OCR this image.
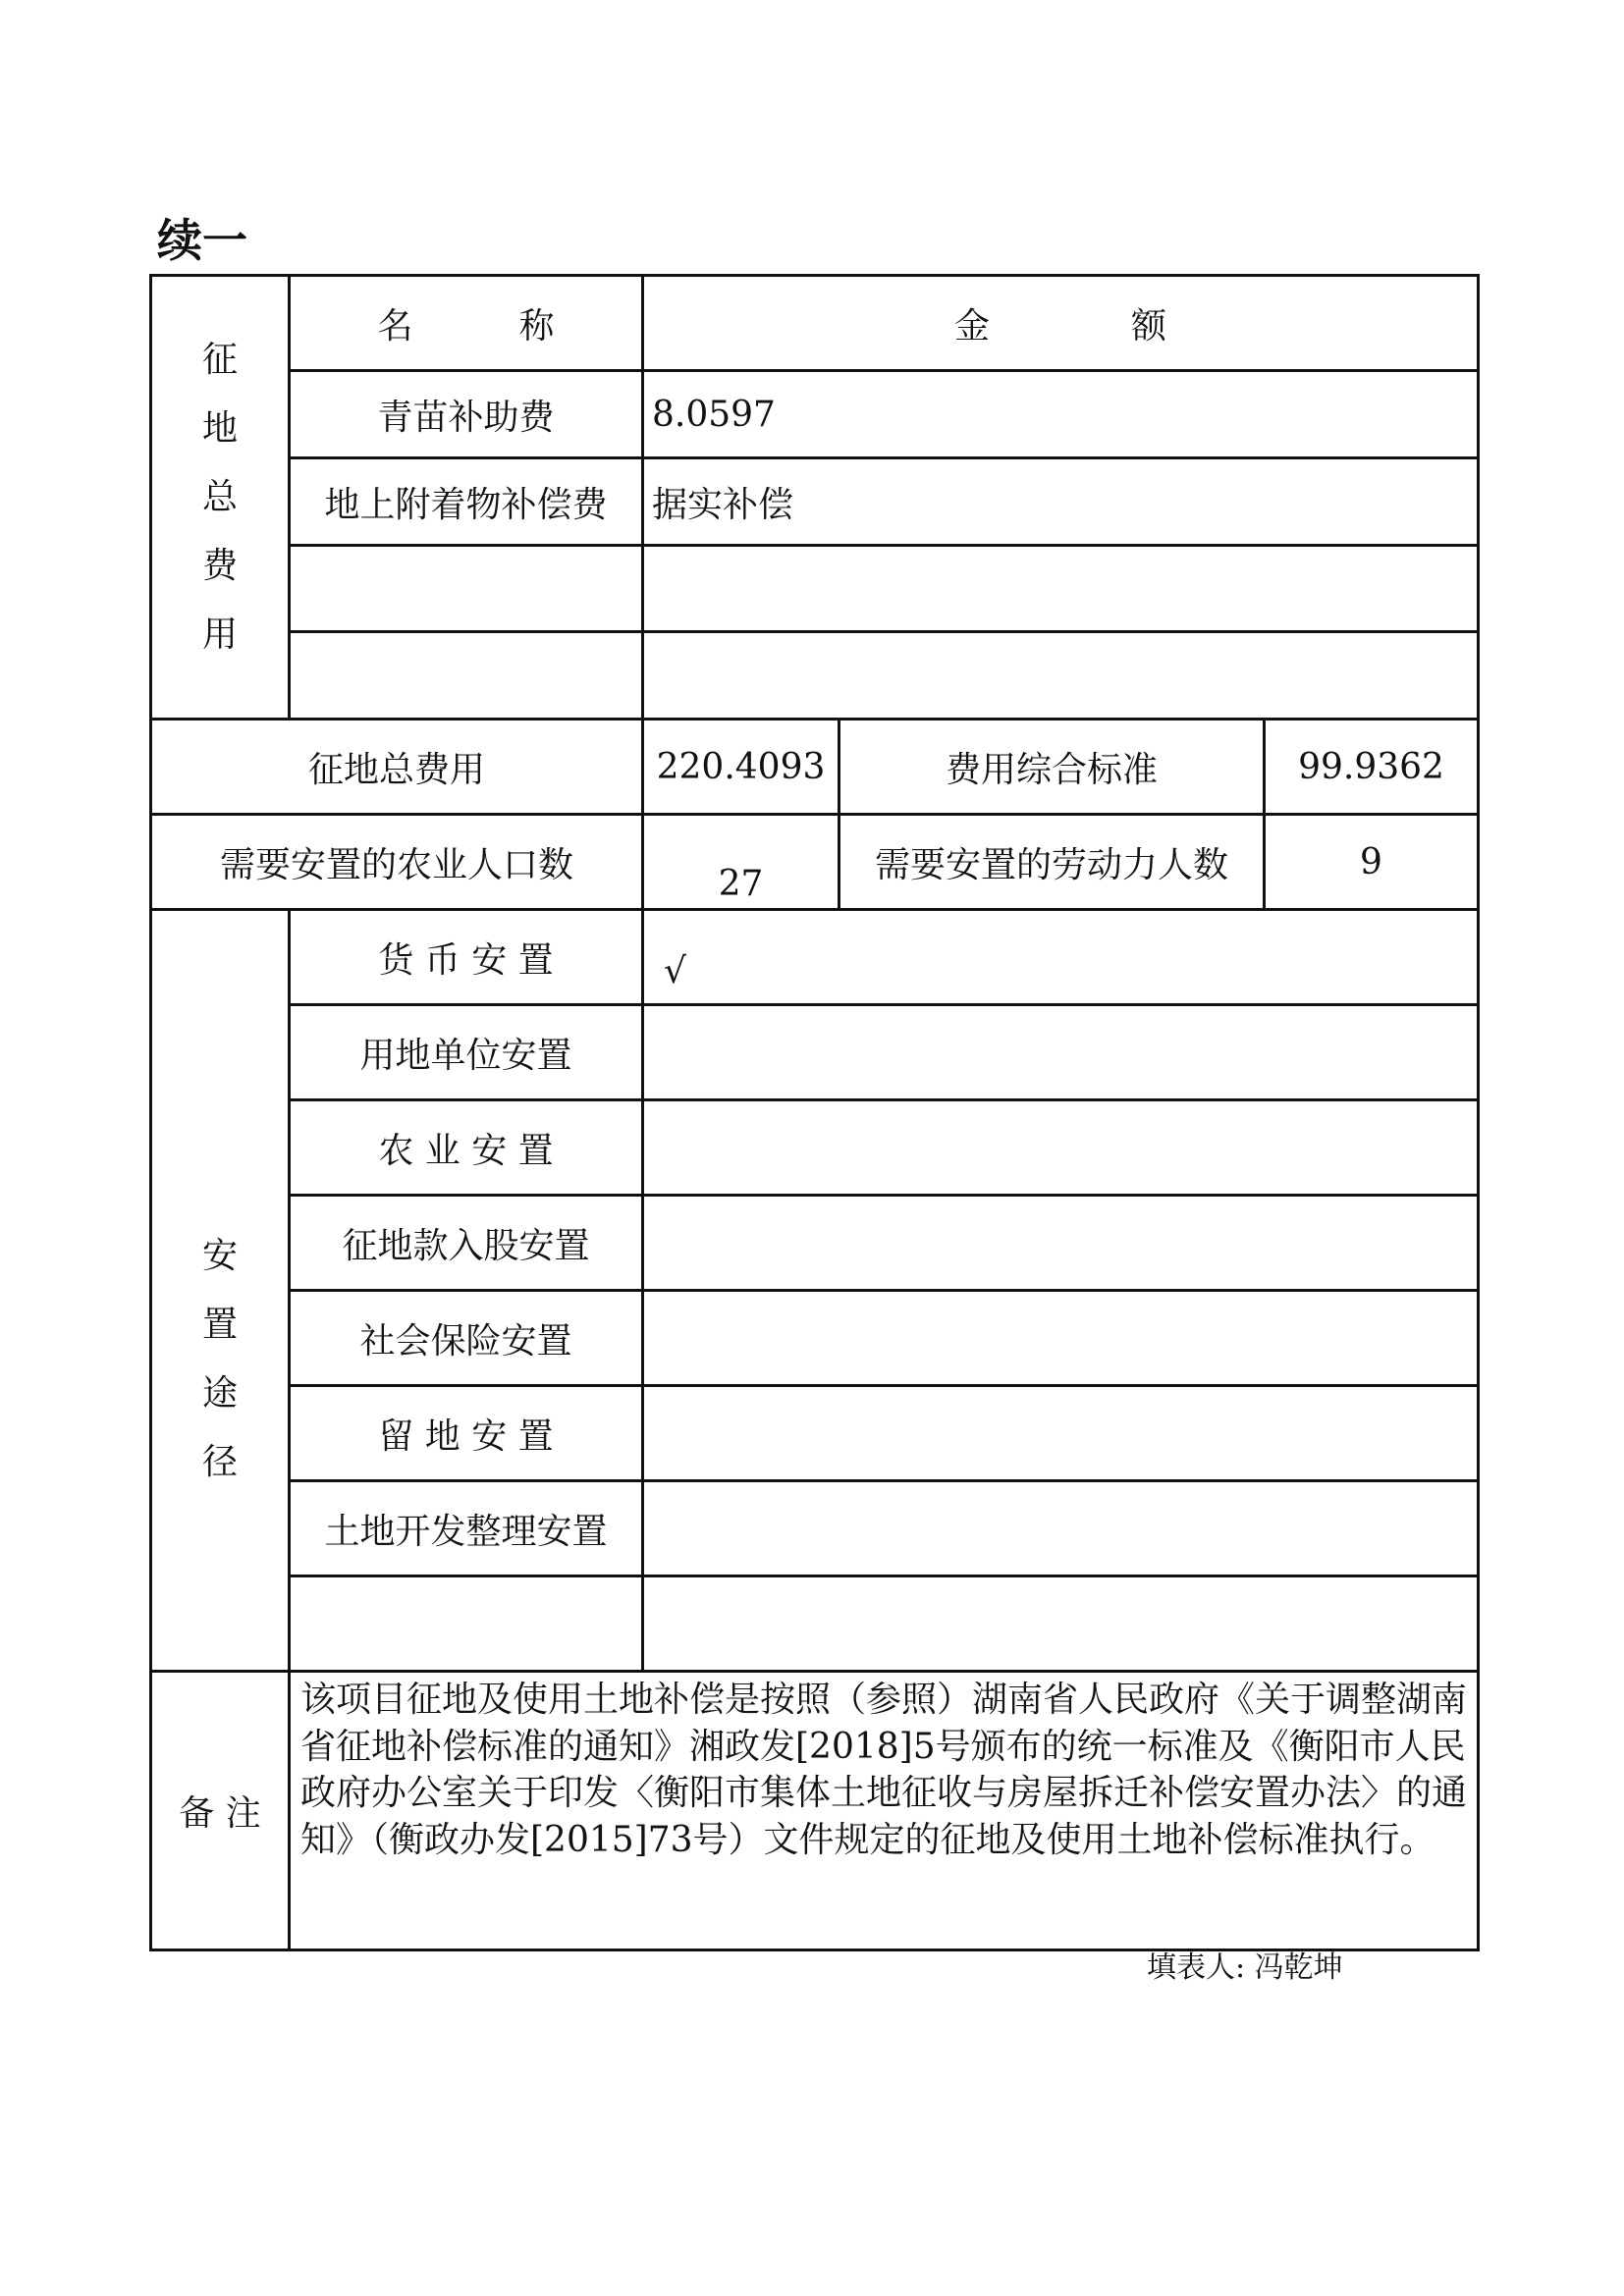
续一
征
地
总
费
用	名　　　称	金　　　　额		
	青苗补助费	8.0597		
	地上附着物补偿费	据实补偿		

征地总费用		220.4093	费用综合标准	99.9362
需要安置的农业人口数		27	需要安置的劳动力人数	9

安
置
途
径	货 币 安 置	√		
	用地单位安置			
	农 业 安 置			
	征地款入股安置			
	社会保险安置			
	留 地 安 置			
	土地开发整理安置			

备 注	该项目征地及使用土地补偿是按照（参照）湖南省人民政府《关于调整湖南省征地补偿标准的通知》湘政发[2018]5号颁布的统一标准及《衡阳市人民政府办公室关于印发〈衡阳市集体土地征收与房屋拆迁补偿安置办法〉的通知》（衡政办发[2015]73号）文件规定的征地及使用土地补偿标准执行。			
填表人: 冯乾坤
